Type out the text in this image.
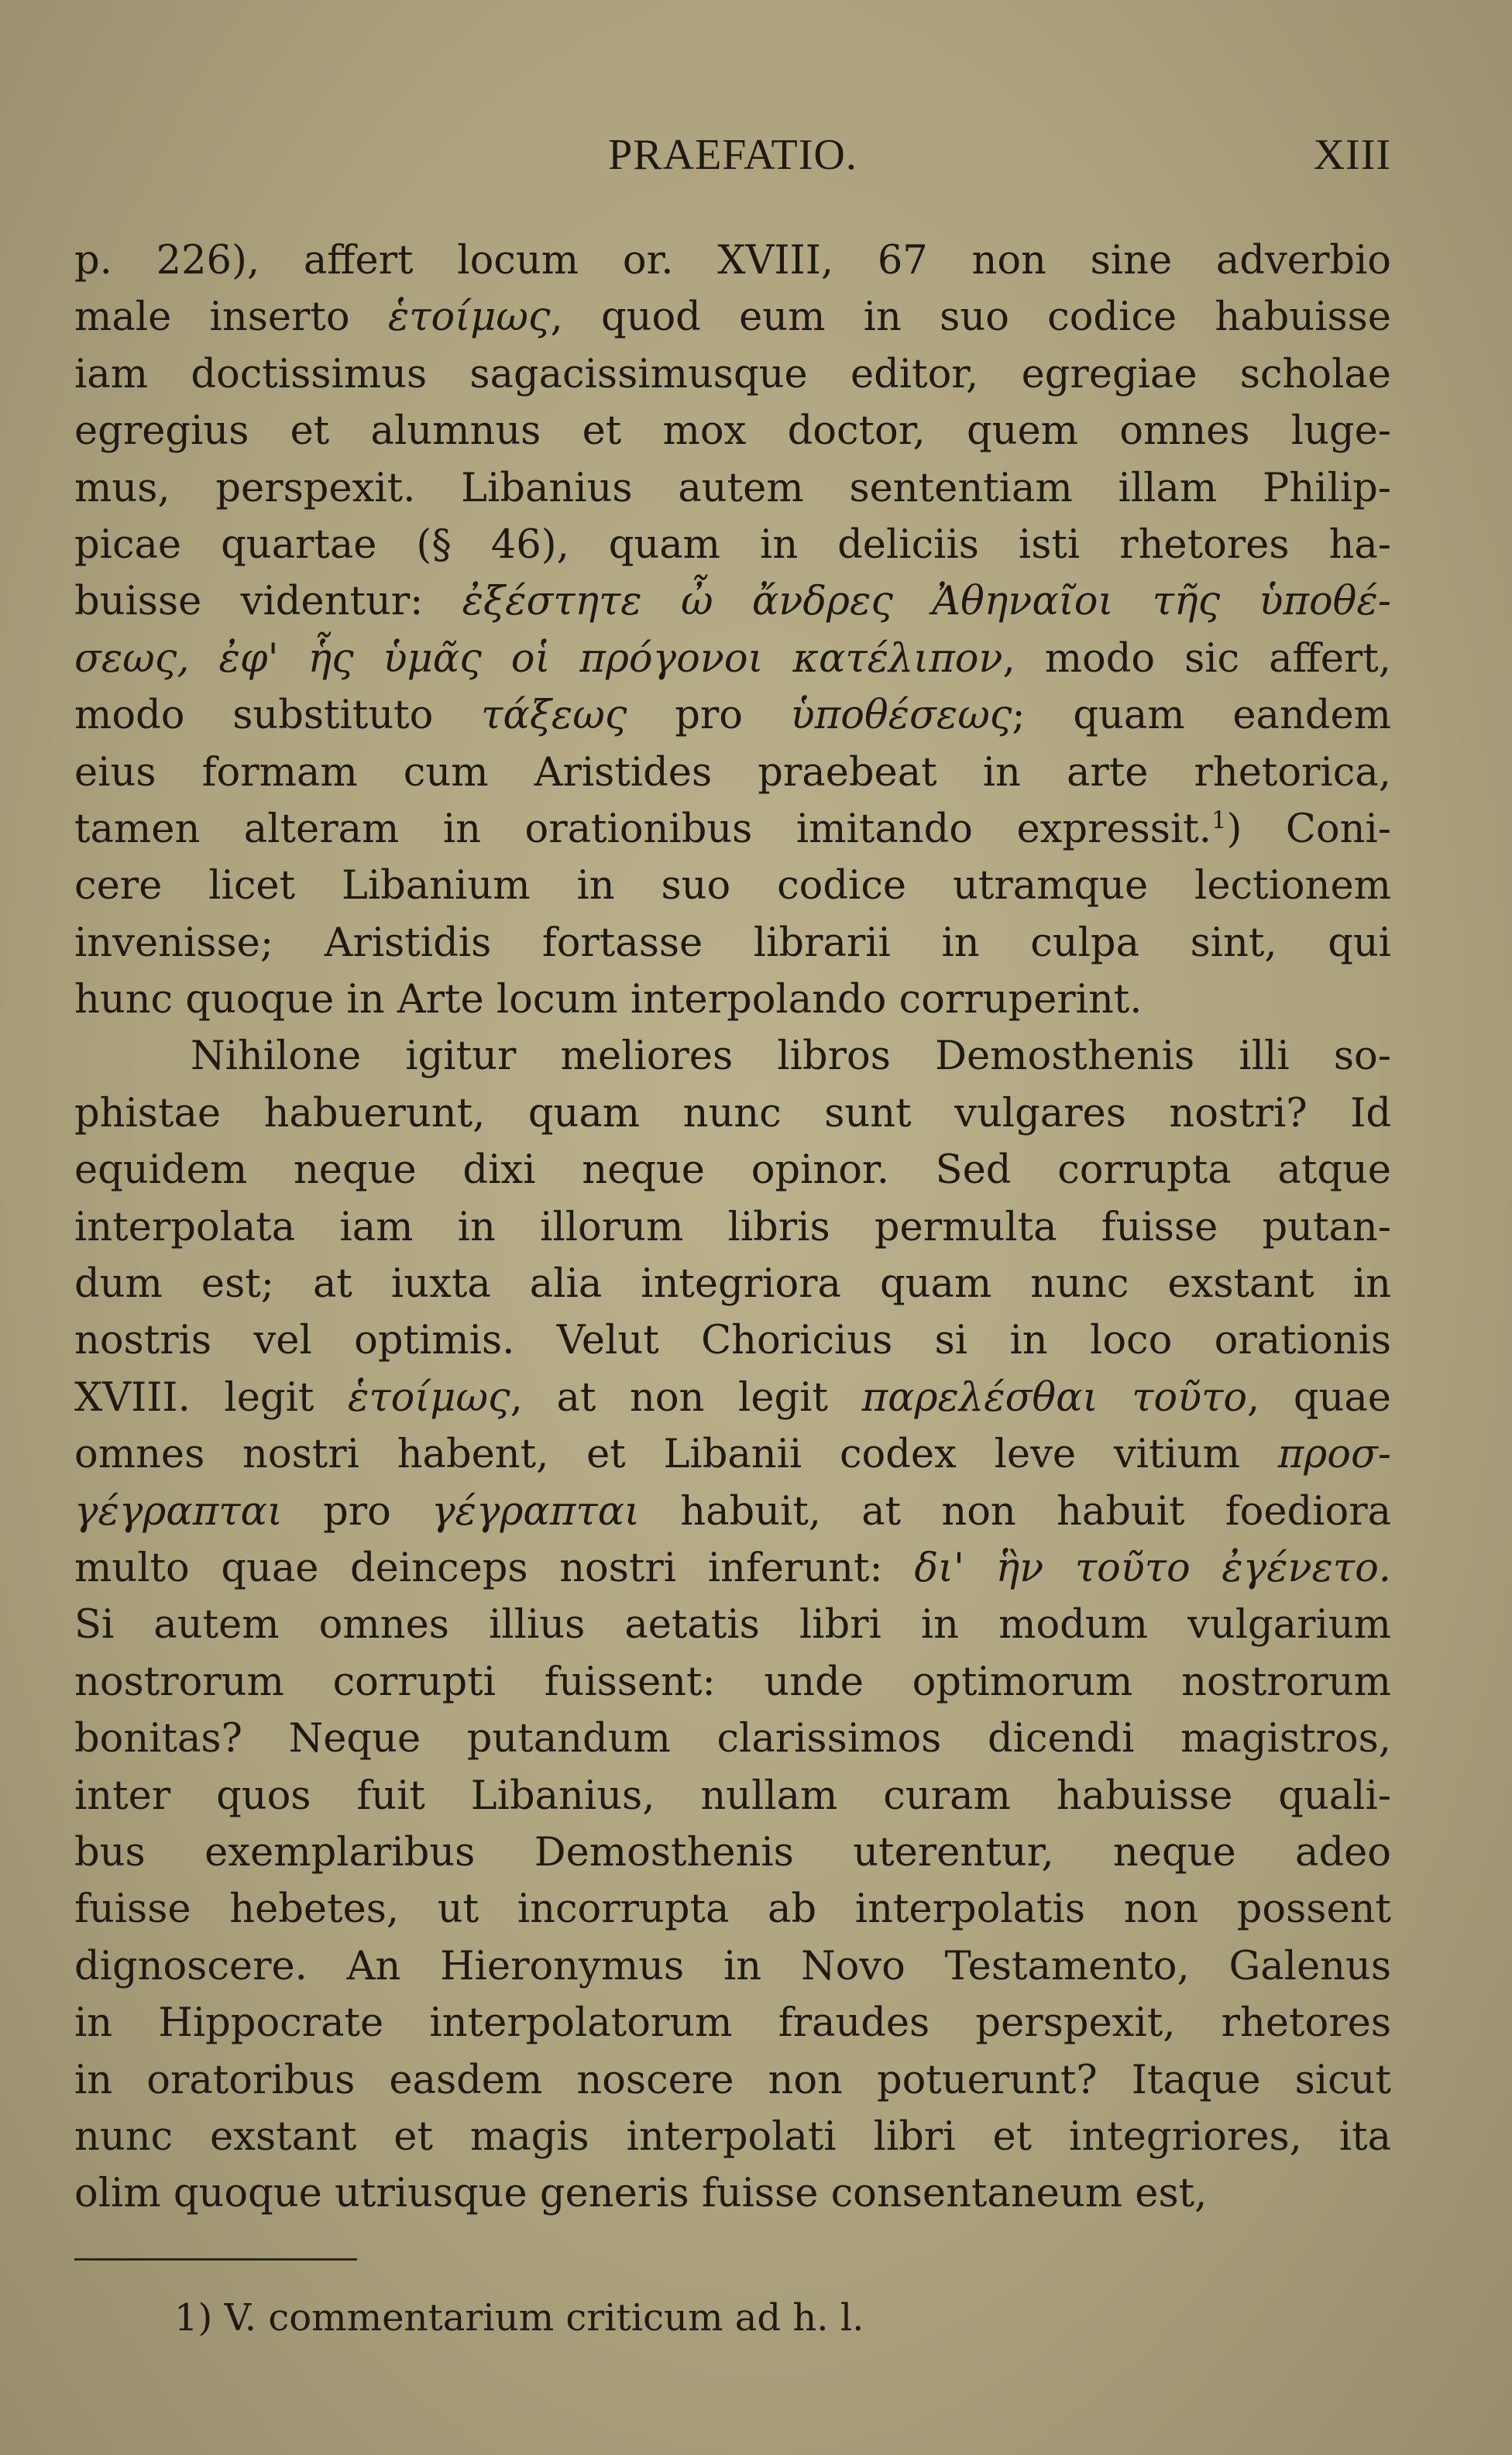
PRAEFATIO.	XIII
p. 226), affert locum or. XVIII, 67 non sine adverbio
male inserto ἑτοίμως, quod eum in suo codice habuisse
iam doctissimus sagacissimusque editor, egregiae scholae
egregius et alumnus et mox doctor, quem omnes luge-
mus, perspexit. Libanius autem sententiam illam Philip-
picae quartae (§ 46), quam in deliciis isti rhetores ha-
buisse videntur: ἐξέστητε ὦ ἄνδρες Ἀθηναῖοι τῆς ὑποθέ-
σεως, ἐφ' ἧς ὑμᾶς οἱ πρόγονοι κατέλιπον, modo sic affert,
modo substituto τάξεως pro ὑποθέσεως; quam eandem
eius formam cum Aristides praebeat in arte rhetorica,
tamen alteram in orationibus imitando expressit.$^1$) Coni-
cere licet Libanium in suo codice utramque lectionem
invenisse; Aristidis fortasse librarii in culpa sint, qui
hunc quoque in Arte locum interpolando corruperint.
Nihilone igitur meliores libros Demosthenis illi so-
phistae habuerunt, quam nunc sunt vulgares nostri? Id
equidem neque dixi neque opinor. Sed corrupta atque
interpolata iam in illorum libris permulta fuisse putan-
dum est; at iuxta alia integriora quam nunc exstant in
nostris vel optimis. Velut Choricius si in loco orationis
XVIII. legit ἑτοίμως, at non legit παρελέσθαι τοῦτο, quae
omnes nostri habent, et Libanii codex leve vitium προσ-
γέγραπται pro γέγραπται habuit, at non habuit foediora
multo quae deinceps nostri inferunt: δι' ἣν τοῦτο ἐγένετο.
Si autem omnes illius aetatis libri in modum vulgarium
nostrorum corrupti fuissent: unde optimorum nostrorum
bonitas? Neque putandum clarissimos dicendi magistros,
inter quos fuit Libanius, nullam curam habuisse quali-
bus exemplaribus Demosthenis uterentur, neque adeo
fuisse hebetes, ut incorrupta ab interpolatis non possent
dignoscere. An Hieronymus in Novo Testamento, Galenus
in Hippocrate interpolatorum fraudes perspexit, rhetores
in oratoribus easdem noscere non potuerunt? Itaque sicut
nunc exstant et magis interpolati libri et integriores, ita
olim quoque utriusque generis fuisse consentaneum est,
1) V. commentarium criticum ad h. l.
